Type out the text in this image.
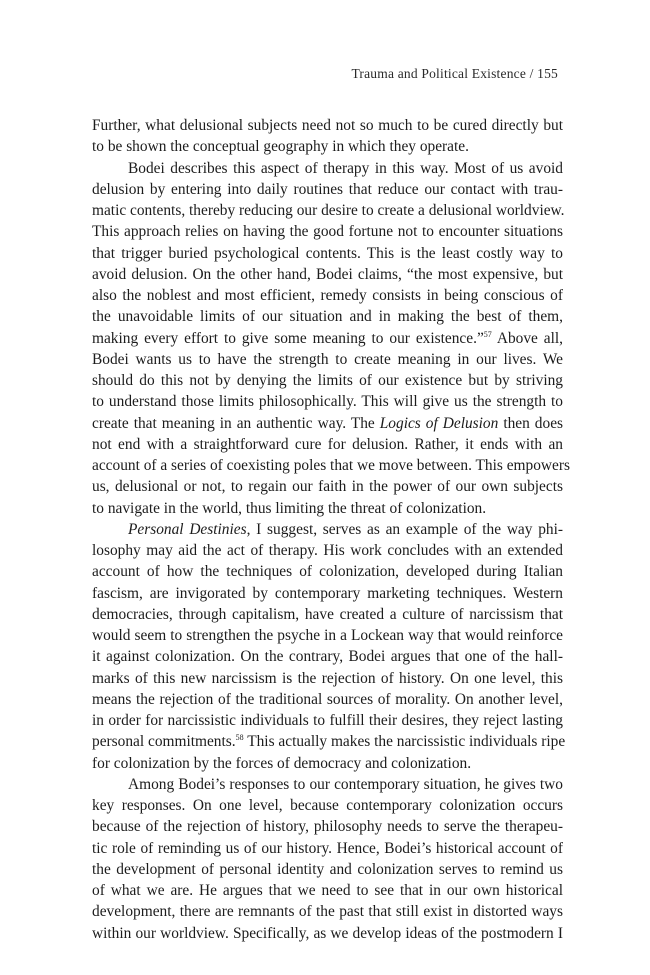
Trauma and Political Existence / 155
Further, what delusional subjects need not so much to be cured directly but
to be shown the conceptual geography in which they operate.
Bodei describes this aspect of therapy in this way. Most of us avoid
delusion by entering into daily routines that reduce our contact with trau-
matic contents, thereby reducing our desire to create a delusional worldview.
This approach relies on having the good fortune not to encounter situations
that trigger buried psychological contents. This is the least costly way to
avoid delusion. On the other hand, Bodei claims, “the most expensive, but
also the noblest and most efficient, remedy consists in being conscious of
the unavoidable limits of our situation and in making the best of them,
making every effort to give some meaning to our existence.”$^{57}$ Above all,
Bodei wants us to have the strength to create meaning in our lives. We
should do this not by denying the limits of our existence but by striving
to understand those limits philosophically. This will give us the strength to
create that meaning in an authentic way. The Logics of Delusion then does
not end with a straightforward cure for delusion. Rather, it ends with an
account of a series of coexisting poles that we move between. This empowers
us, delusional or not, to regain our faith in the power of our own subjects
to navigate in the world, thus limiting the threat of colonization.
Personal Destinies, I suggest, serves as an example of the way phi-
losophy may aid the act of therapy. His work concludes with an extended
account of how the techniques of colonization, developed during Italian
fascism, are invigorated by contemporary marketing techniques. Western
democracies, through capitalism, have created a culture of narcissism that
would seem to strengthen the psyche in a Lockean way that would reinforce
it against colonization. On the contrary, Bodei argues that one of the hall-
marks of this new narcissism is the rejection of history. On one level, this
means the rejection of the traditional sources of morality. On another level,
in order for narcissistic individuals to fulfill their desires, they reject lasting
personal commitments.$^{58}$ This actually makes the narcissistic individuals ripe
for colonization by the forces of democracy and colonization.
Among Bodei’s responses to our contemporary situation, he gives two
key responses. On one level, because contemporary colonization occurs
because of the rejection of history, philosophy needs to serve the therapeu-
tic role of reminding us of our history. Hence, Bodei’s historical account of
the development of personal identity and colonization serves to remind us
of what we are. He argues that we need to see that in our own historical
development, there are remnants of the past that still exist in distorted ways
within our worldview. Specifically, as we develop ideas of the postmodern I
